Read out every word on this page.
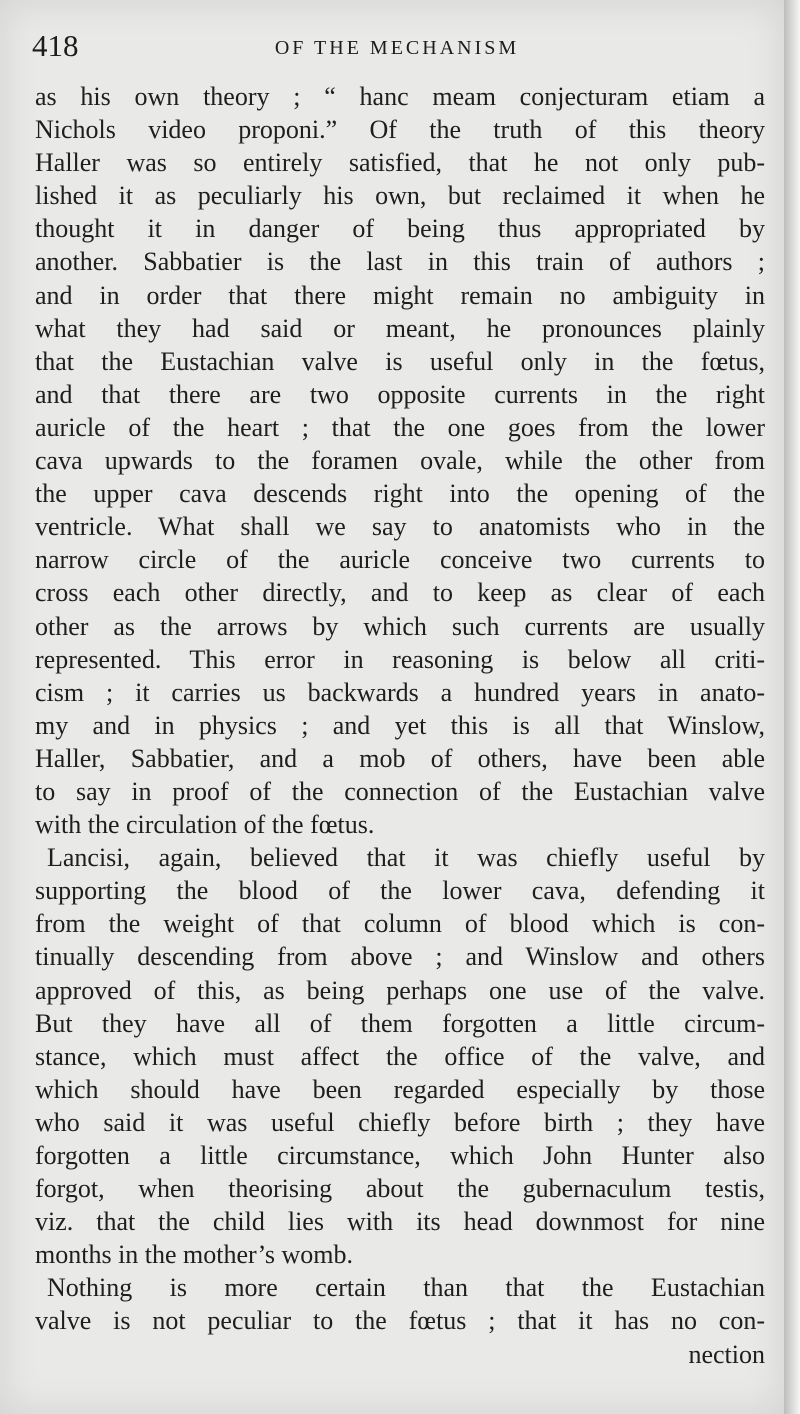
418	OF THE MECHANISM
as his own theory ; “ hanc meam conjecturam etiam a
Nichols video proponi.” Of the truth of this theory
Haller was so entirely satisfied, that he not only pub-
lished it as peculiarly his own, but reclaimed it when he
thought it in danger of being thus appropriated by
another. Sabbatier is the last in this train of authors ;
and in order that there might remain no ambiguity in
what they had said or meant, he pronounces plainly
that the Eustachian valve is useful only in the fœtus,
and that there are two opposite currents in the right
auricle of the heart ; that the one goes from the lower
cava upwards to the foramen ovale, while the other from
the upper cava descends right into the opening of the
ventricle. What shall we say to anatomists who in the
narrow circle of the auricle conceive two currents to
cross each other directly, and to keep as clear of each
other as the arrows by which such currents are usually
represented. This error in reasoning is below all criti-
cism ; it carries us backwards a hundred years in anato-
my and in physics ; and yet this is all that Winslow,
Haller, Sabbatier, and a mob of others, have been able
to say in proof of the connection of the Eustachian valve
with the circulation of the fœtus.
Lancisi, again, believed that it was chiefly useful by
supporting the blood of the lower cava, defending it
from the weight of that column of blood which is con-
tinually descending from above ; and Winslow and others
approved of this, as being perhaps one use of the valve.
But they have all of them forgotten a little circum-
stance, which must affect the office of the valve, and
which should have been regarded especially by those
who said it was useful chiefly before birth ; they have
forgotten a little circumstance, which John Hunter also
forgot, when theorising about the gubernaculum testis,
viz. that the child lies with its head downmost for nine
months in the mother’s womb.
Nothing is more certain than that the Eustachian
valve is not peculiar to the fœtus ; that it has no con-
nection
